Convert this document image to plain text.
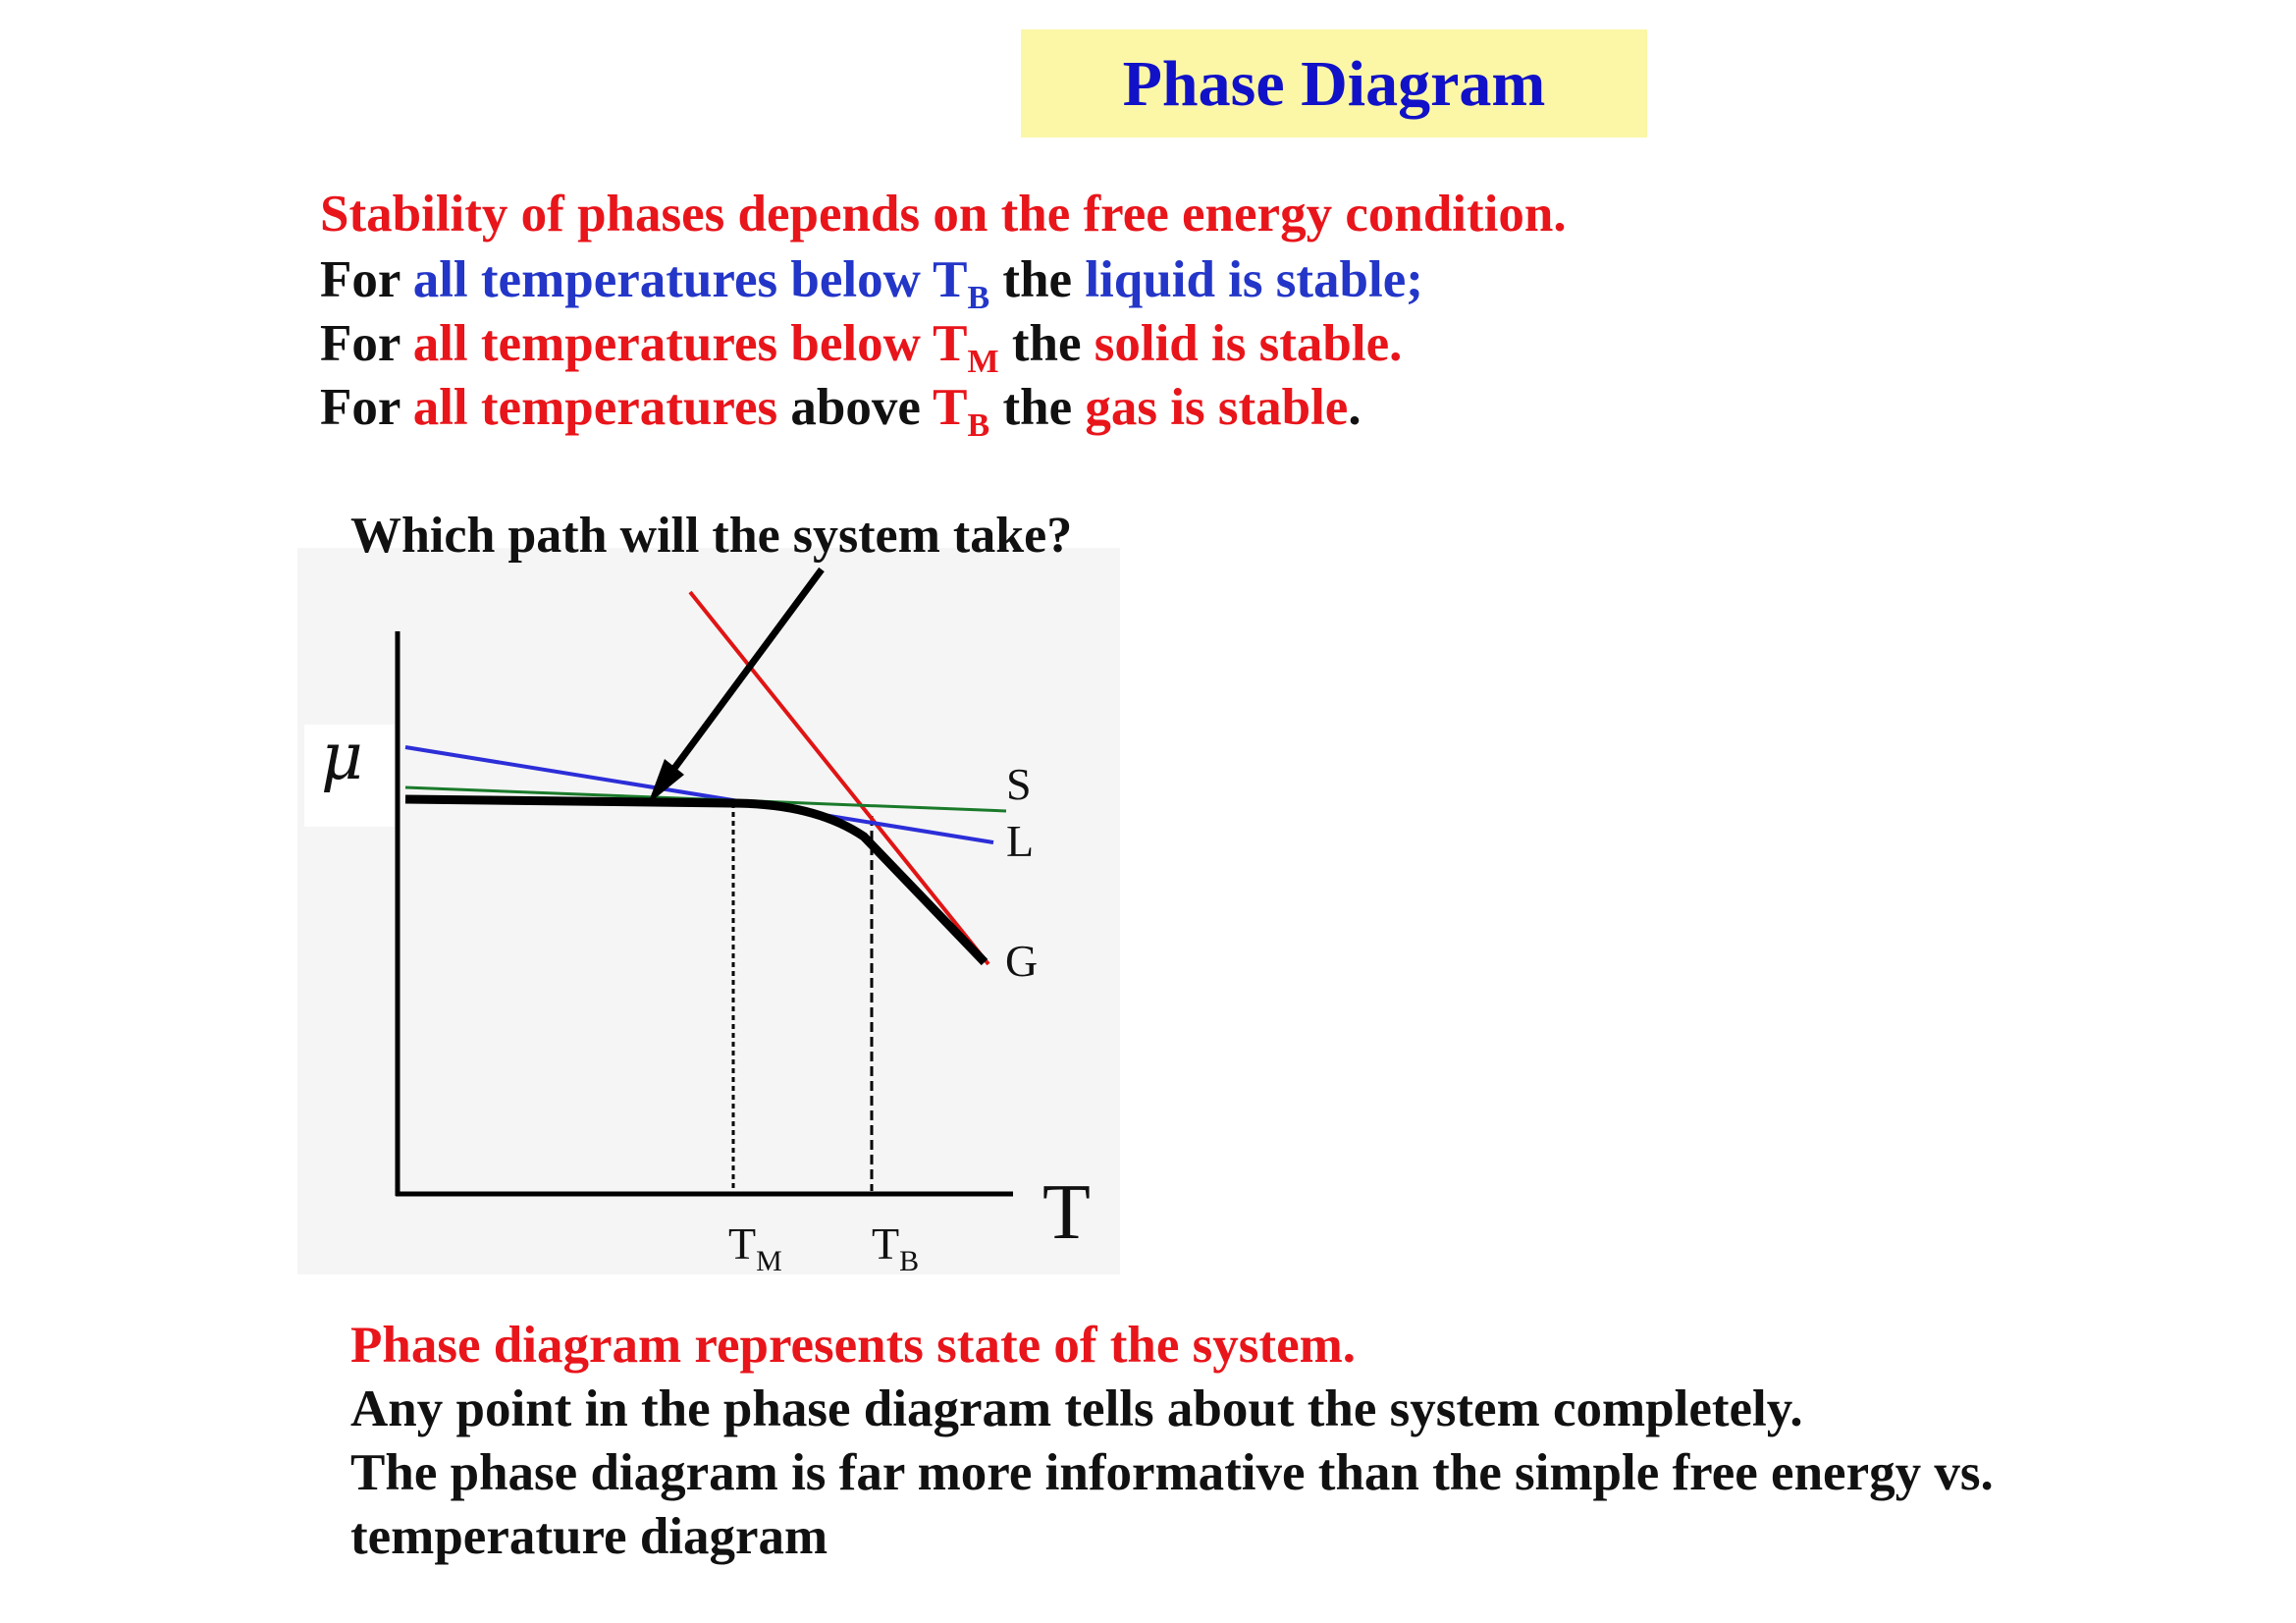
Phase Diagram
Stability of phases depends on the free energy condition.
For all temperatures below $T_B$ the liquid is stable;
For all temperatures below $T_M$ the solid is stable.
For all temperatures above $T_B$ the gas is stable.
μ
Which path will the system take?
S
L
G
T
$T_M$ $T_B$
Phase diagram represents state of the system.
Any point in the phase diagram tells about the system completely.
The phase diagram is far more informative than the simple free energy vs.
temperature diagram
